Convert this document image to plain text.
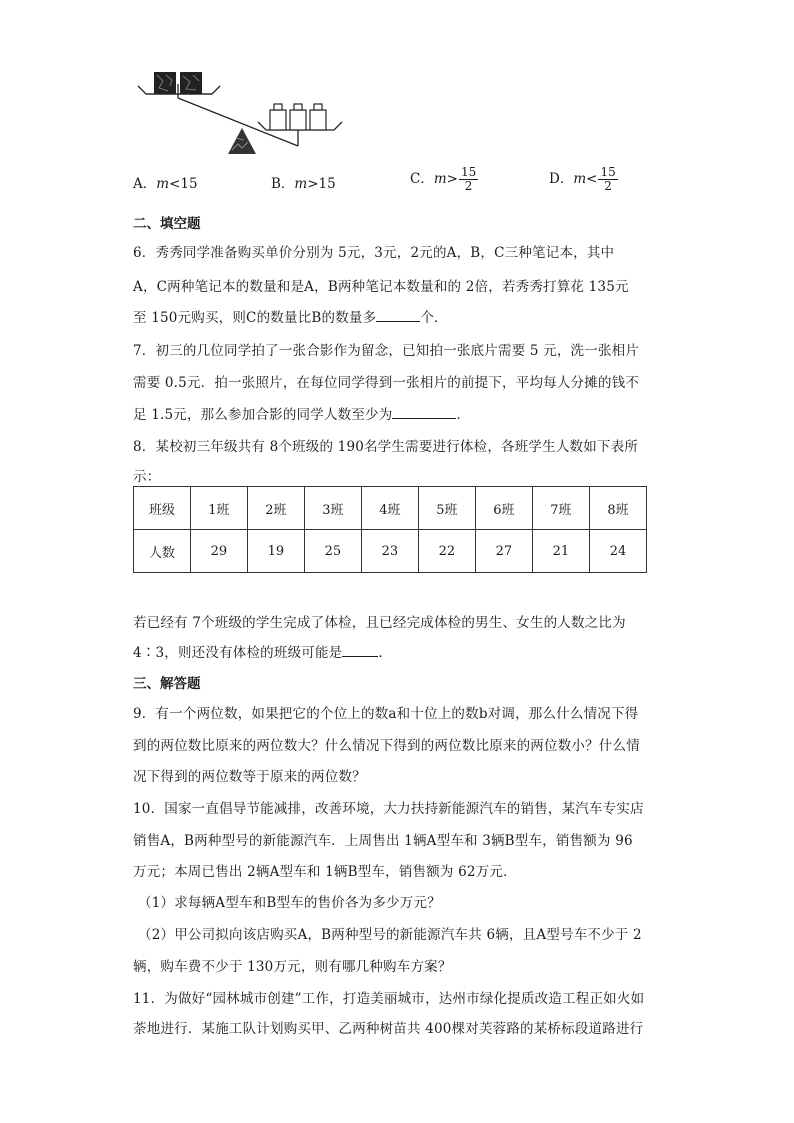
A．m<15	B．m>15	C．$m> \frac{15}{2}$	D．$m< \frac{15}{2}$
二、填空题
6．秀秀同学准备购买单价分别为 5元，3元，2元的A，B，C三种笔记本，其中
A，C两种笔记本的数量和是A，B两种笔记本数量和的 2倍，若秀秀打算花 135元
至 150元购买，则C的数量比B的数量多	个．
7．初三的几位同学拍了一张合影作为留念，已知拍一张底片需要 5 元，洗一张相片
需要 0.5元．拍一张照片，在每位同学得到一张相片的前提下，平均每人分摊的钱不
足 1.5元，那么参加合影的同学人数至少为	．
8．某校初三年级共有 8个班级的 190名学生需要进行体检，各班学生人数如下表所
示：
班级	1班	2班	3班	4班	5班	6班	7班	8班
人数	29	19	25	23	22	27	21	24
若已经有 7个班级的学生完成了体检，且已经完成体检的男生、女生的人数之比为
4∶3，则还没有体检的班级可能是	．
三、解答题
9．有一个两位数，如果把它的个位上的数a和十位上的数b对调，那么什么情况下得
到的两位数比原来的两位数大？什么情况下得到的两位数比原来的两位数小？什么情
况下得到的两位数等于原来的两位数？
10．国家一直倡导节能减排，改善环境，大力扶持新能源汽车的销售，某汽车专实店
销售A，B两种型号的新能源汽车．上周售出 1辆A型车和 3辆B型车，销售额为 96
万元；本周已售出 2辆A型车和 1辆B型车，销售额为 62万元．
（1）求每辆A型车和B型车的售价各为多少万元？
（2）甲公司拟向该店购买A，B两种型号的新能源汽车共 6辆，且A型号车不少于 2
辆，购车费不少于 130万元，则有哪几种购车方案？
11．为做好“园林城市创建”工作，打造美丽城市，达州市绿化提质改造工程正如火如
荼地进行．某施工队计划购买甲、乙两种树苗共 400棵对芙蓉路的某桥标段道路进行
